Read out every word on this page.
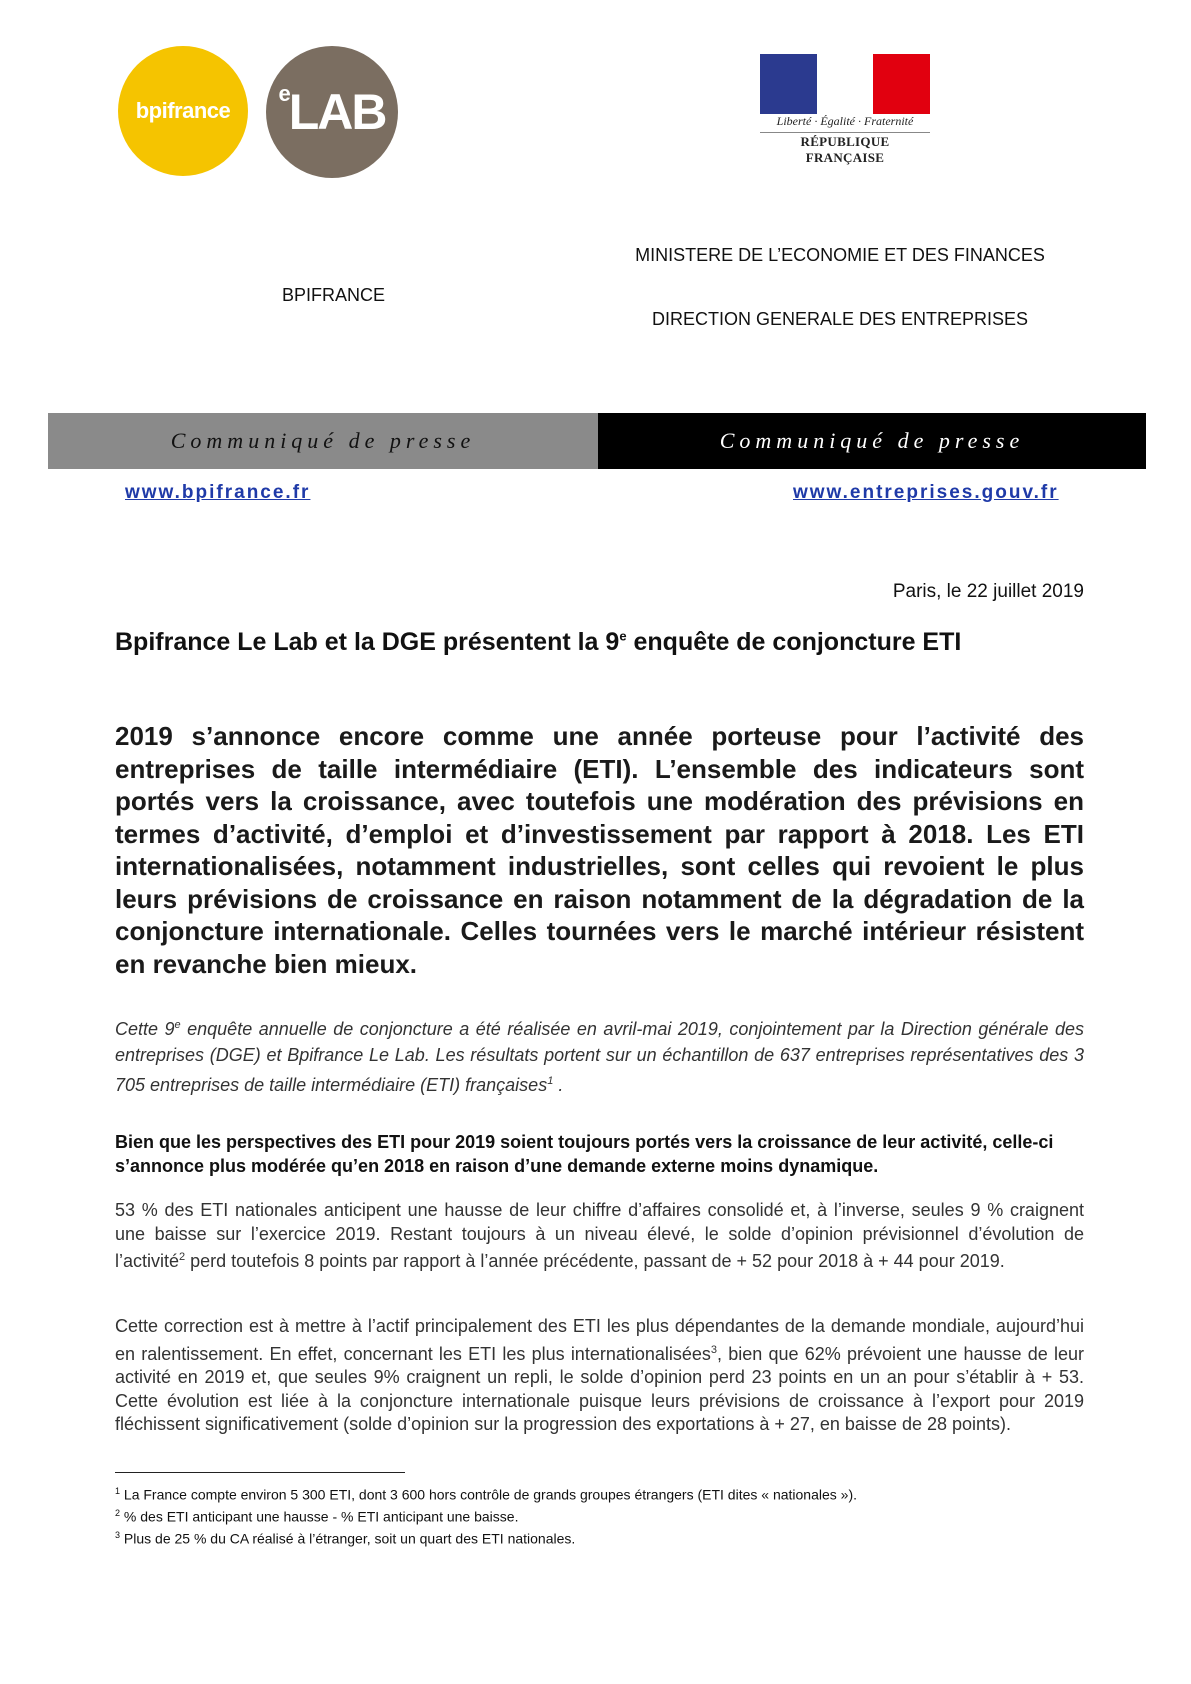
bpifrance
$^e$LAB	Liberté · Égalité · Fraternité
RÉPUBLIQUE FRANÇAISE
BPIFRANCE
MINISTERE DE L’ECONOMIE ET DES FINANCES
DIRECTION GENERALE DES ENTREPRISES
Communiqué de presse	Communiqué de presse
www.bpifrance.fr	www.entreprises.gouv.fr
Paris, le 22 juillet 2019
Bpifrance Le Lab et la DGE présentent la 9e enquête de conjoncture ETI
2019 s’annonce encore comme une année porteuse pour l’activité des entreprises de taille intermédiaire (ETI). L’ensemble des indicateurs sont portés vers la croissance, avec toutefois une modération des prévisions en termes d’activité, d’emploi et d’investissement par rapport à 2018. Les ETI internationalisées, notamment industrielles, sont celles qui revoient le plus leurs prévisions de croissance en raison notamment de la dégradation de la conjoncture internationale. Celles tournées vers le marché intérieur résistent en revanche bien mieux.
Cette 9e enquête annuelle de conjoncture a été réalisée en avril-mai 2019, conjointement par la Direction générale des entreprises (DGE) et Bpifrance Le Lab. Les résultats portent sur un échantillon de 637 entreprises représentatives des 3 705 entreprises de taille intermédiaire (ETI) françaises$^1$ .
Bien que les perspectives des ETI pour 2019 soient toujours portés vers la croissance de leur activité, celle-ci s’annonce plus modérée qu’en 2018 en raison d’une demande externe moins dynamique.
53 % des ETI nationales anticipent une hausse de leur chiffre d’affaires consolidé et, à l’inverse, seules 9 % craignent une baisse sur l’exercice 2019. Restant toujours à un niveau élevé, le solde d’opinion prévisionnel d’évolution de l’activité$^2$ perd toutefois 8 points par rapport à l’année précédente, passant de + 52 pour 2018 à + 44 pour 2019.
Cette correction est à mettre à l’actif principalement des ETI les plus dépendantes de la demande mondiale, aujourd’hui en ralentissement. En effet, concernant les ETI les plus internationalisées$^3$, bien que 62% prévoient une hausse de leur activité en 2019 et, que seules 9% craignent un repli, le solde d’opinion perd 23 points en un an pour s’établir à + 53. Cette évolution est liée à la conjoncture internationale puisque leurs prévisions de croissance à l’export pour 2019 fléchissent significativement (solde d’opinion sur la progression des exportations à + 27, en baisse de 28 points).
$^1$ La France compte environ 5 300 ETI, dont 3 600 hors contrôle de grands groupes étrangers (ETI dites « nationales »).
$^2$ % des ETI anticipant une hausse - % ETI anticipant une baisse.
$^3$ Plus de 25 % du CA réalisé à l’étranger, soit un quart des ETI nationales.
